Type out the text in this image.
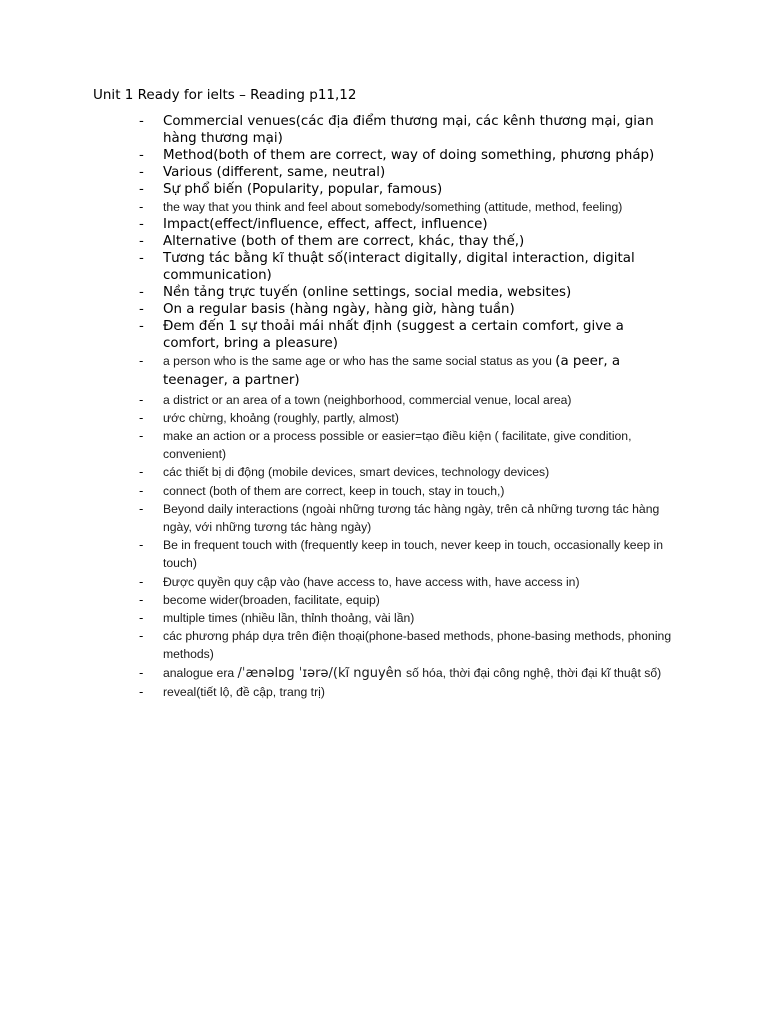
Unit 1 Ready for ielts – Reading p11,12
- Commercial venues(các địa điểm thương mại, các kênh thương mại, gian hàng thương mại)
- Method(both of them are correct, way of doing something, phương pháp)
- Various (different, same, neutral)
- Sự phổ biến (Popularity, popular, famous)
- the way that you think and feel about somebody/something (attitude, method, feeling)
- Impact(effect/influence, effect, affect, influence)
- Alternative (both of them are correct, khác, thay thế,)
- Tương tác bằng kĩ thuật số(interact digitally, digital interaction, digital communication)
- Nền tảng trực tuyến (online settings, social media, websites)
- On a regular basis (hàng ngày, hàng giờ, hàng tuần)
- Đem đến 1 sự thoải mái nhất định (suggest a certain comfort, give a comfort, bring a pleasure)
- a person who is the same age or who has the same social status as you (a peer, a teenager, a partner)
- a district or an area of a town (neighborhood, commercial venue, local area)
- ước chừng, khoảng (roughly, partly, almost)
- make an action or a process possible or easier=tạo điều kiện ( facilitate, give condition, convenient)
- các thiết bị di động (mobile devices, smart devices, technology devices)
- connect (both of them are correct, keep in touch, stay in touch,)
- Beyond daily interactions (ngoài những tương tác hàng ngày, trên cả những tương tác hàng ngày, với những tương tác hàng ngày)
- Be in frequent touch with (frequently keep in touch, never keep in touch, occasionally keep in touch)
- Được quyền quy cập vào (have access to, have access with, have access in)
- become wider(broaden, facilitate, equip)
- multiple times (nhiều lần, thỉnh thoảng, vài lần)
- các phương pháp dựa trên điện thoại(phone-based methods, phone-basing methods, phoning methods)
- analogue era /ˈænəlɒɡ ˈɪərə/(kĩ nguyên số hóa, thời đại công nghệ, thời đại kĩ thuật số)
- reveal(tiết lộ, đề cập, trang trị)
